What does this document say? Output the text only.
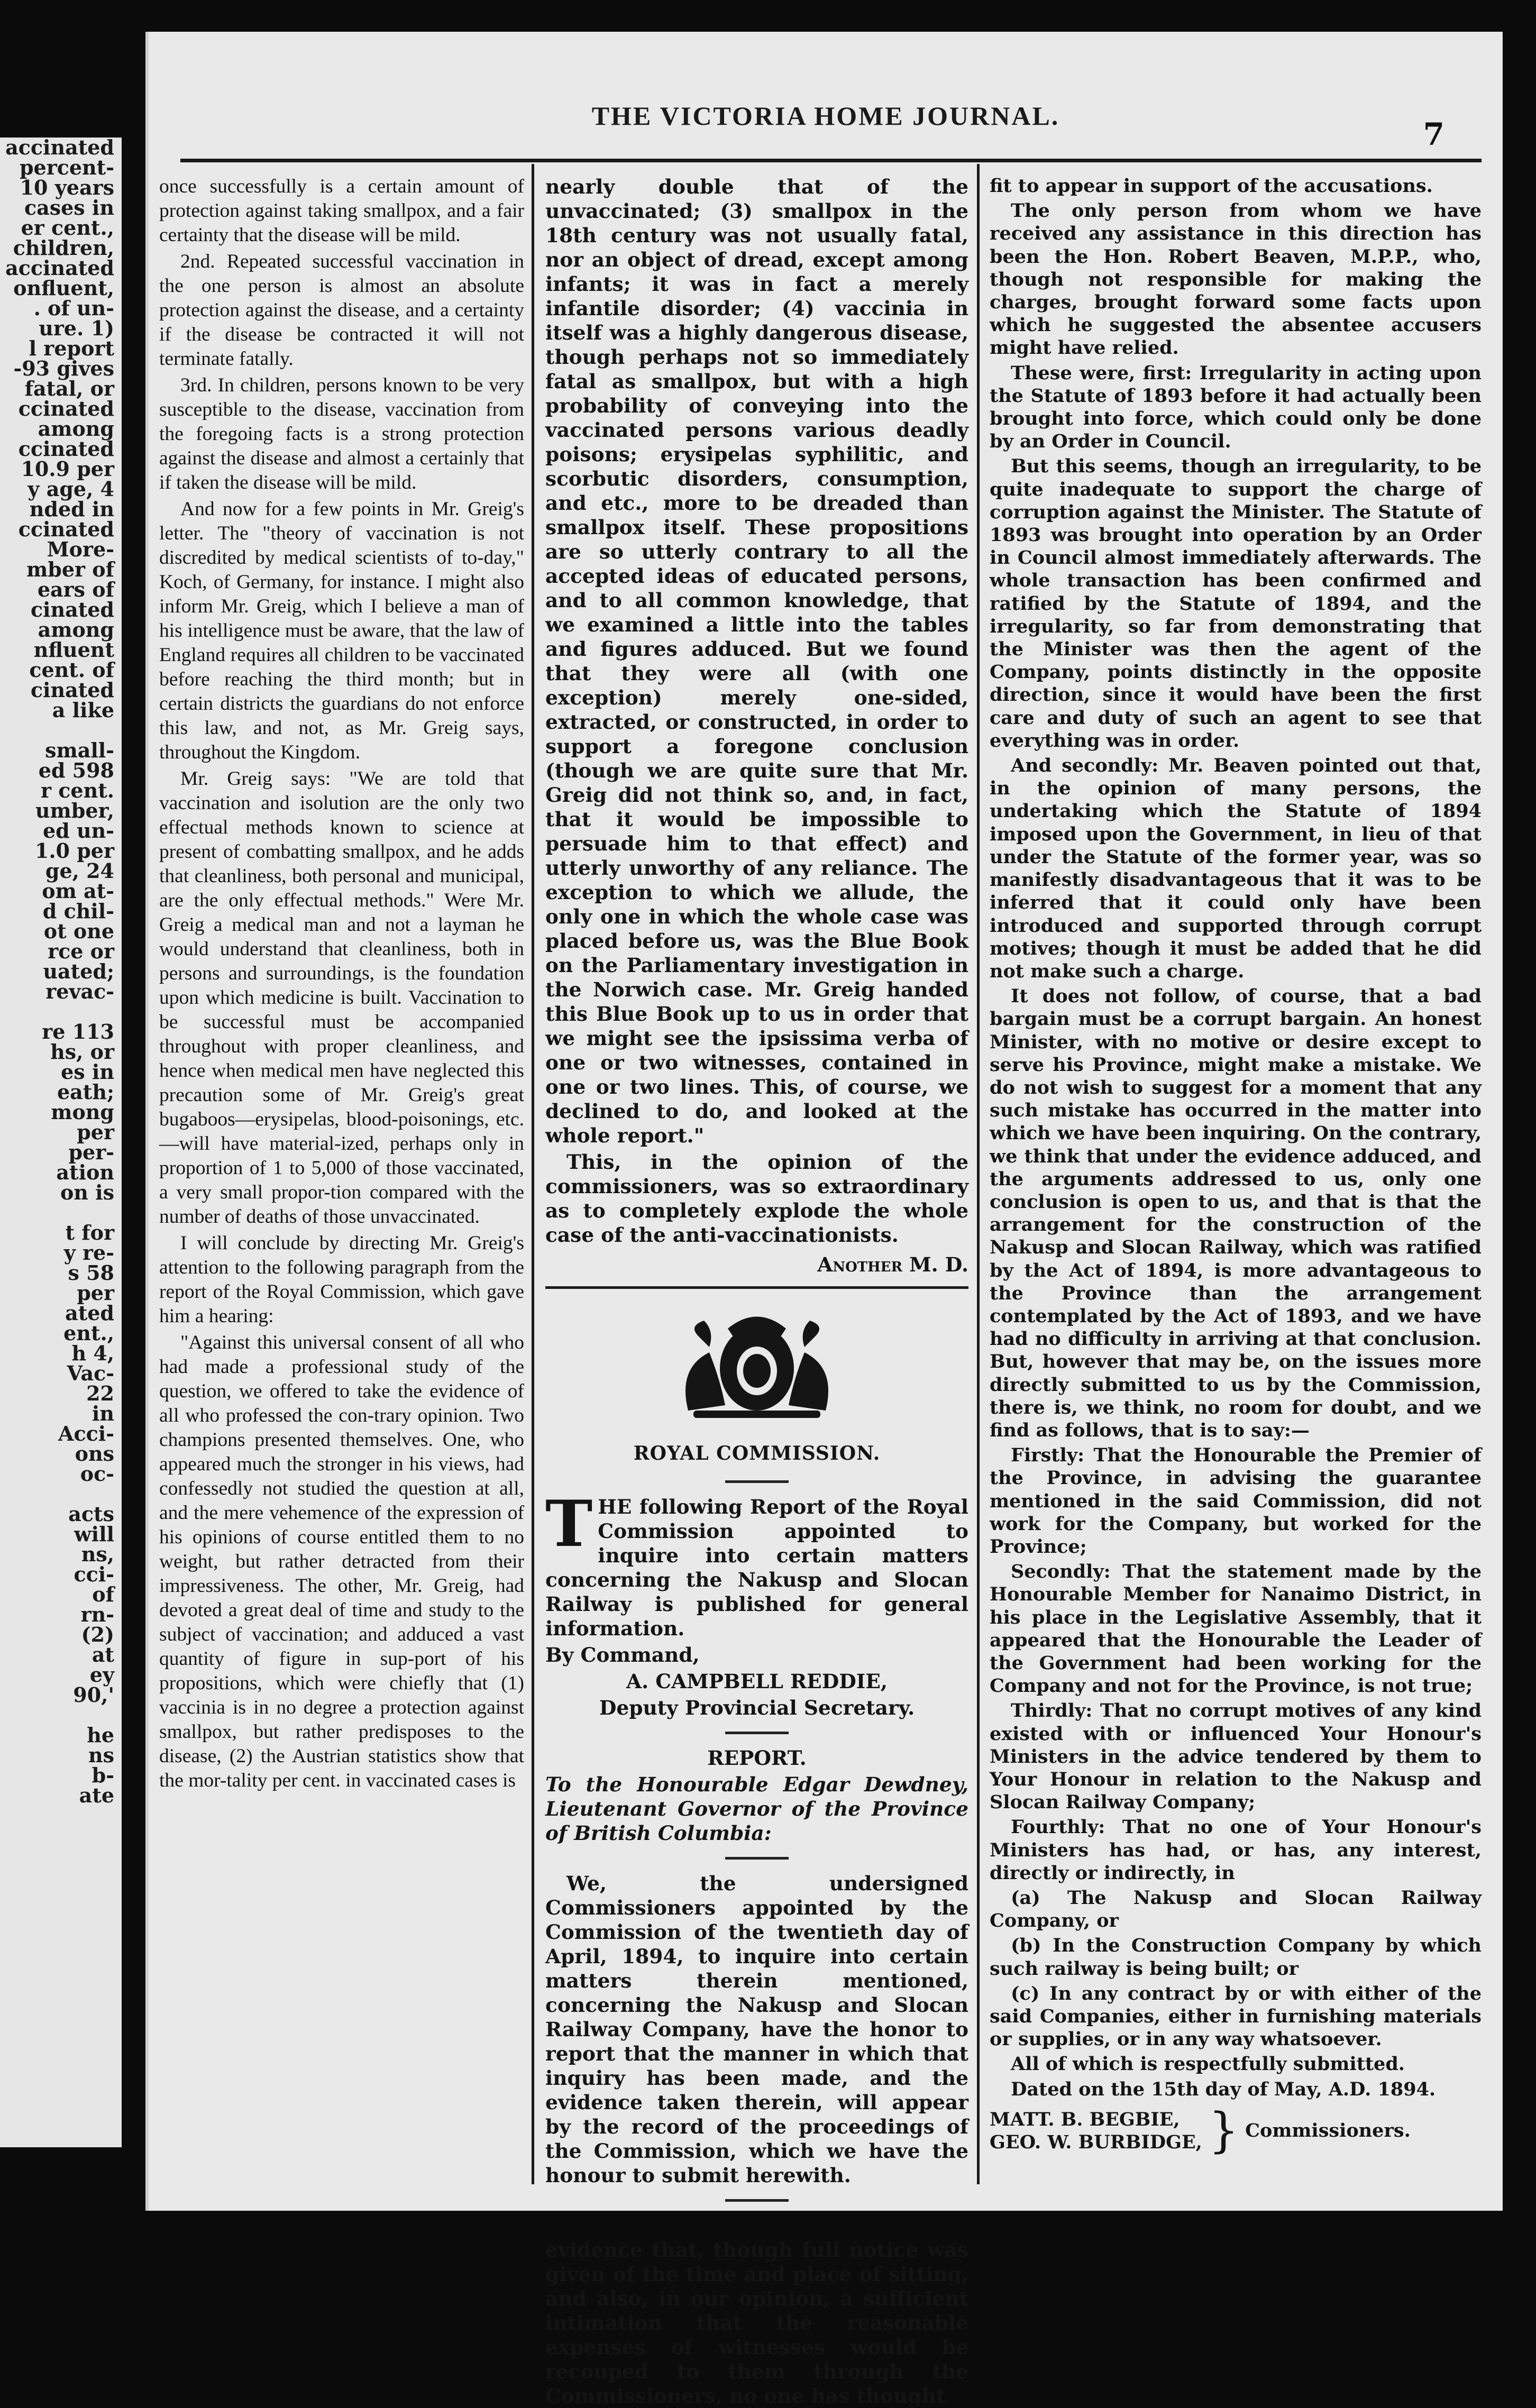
accinated

percent-

10 years

cases in

er cent.,

children,

accinated

onfluent,

. of un-

ure. 1)

l report

-93 gives

fatal, or

ccinated

among

ccinated

10.9 per

y age, 4

nded in

ccinated

More-

mber of

ears of

cinated

among

nfluent

cent. of

cinated

a like

small-

ed 598

r cent.

umber,

ed un-

1.0 per

ge, 24

om at-

d chil-

ot one

rce or

uated;

revac-

re 113

hs, or

es in

eath;

mong

per

per-

ation

on is

t for

y re-

s 58

per

ated

ent.,

h 4,

Vac-

22

in

Acci-

ons

oc-

acts

will

ns,

cci-

of

rn-

(2)

at

ey

90,'

he

ns

b-

ate

THE VICTORIA HOME JOURNAL.
7

once successfully is a certain amount of protection against taking smallpox, and a fair certainty that the disease will be mild.

2nd. Repeated successful vaccination in the one person is almost an absolute protection against the disease, and a certainty if the disease be contracted it will not terminate fatally.

3rd. In children, persons known to be very susceptible to the disease, vaccination from the foregoing facts is a strong protection against the disease and almost a certainly that if taken the disease will be mild.

And now for a few points in Mr. Greig's letter. The "theory of vaccination is not discredited by medical scientists of to-day," Koch, of Germany, for instance. I might also inform Mr. Greig, which I believe a man of his intelligence must be aware, that the law of England requires all children to be vaccinated before reaching the third month; but in certain districts the guardians do not enforce this law, and not, as Mr. Greig says, throughout the Kingdom.

Mr. Greig says: "We are told that vaccination and isolution are the only two effectual methods known to science at present of combatting smallpox, and he adds that cleanliness, both personal and municipal, are the only effectual methods." Were Mr. Greig a medical man and not a layman he would understand that cleanliness, both in persons and surroundings, is the foundation upon which medicine is built. Vaccination to be successful must be accompanied throughout with proper cleanliness, and hence when medical men have neglected this precaution some of Mr. Greig's great bugaboos—erysipelas, blood-poisonings, etc.—will have material-ized, perhaps only in proportion of 1 to 5,000 of those vaccinated, a very small propor-tion compared with the number of deaths of those unvaccinated.

I will conclude by directing Mr. Greig's attention to the following paragraph from the report of the Royal Commission, which gave him a hearing:

"Against this universal consent of all who had made a professional study of the question, we offered to take the evidence of all who professed the con-trary opinion. Two champions presented themselves. One, who appeared much the stronger in his views, had confessedly not studied the question at all, and the mere vehemence of the expression of his opinions of course entitled them to no weight, but rather detracted from their impressiveness. The other, Mr. Greig, had devoted a great deal of time and study to the subject of vaccination; and adduced a vast quantity of figure in sup-port of his propositions, which were chiefly that (1) vaccinia is in no degree a protection against smallpox, but rather predisposes to the disease, (2) the Austrian statistics show that the mor-tality per cent. in vaccinated cases is

nearly double that of the unvaccinated; (3) smallpox in the 18th century was not usually fatal, nor an object of dread, except among infants; it was in fact a merely infantile disorder; (4) vaccinia in itself was a highly dangerous disease, though perhaps not so immediately fatal as smallpox, but with a high probability of conveying into the vaccinated persons various deadly poisons; erysipelas syphilitic, and scorbutic disorders, consumption, and etc., more to be dreaded than smallpox itself. These propositions are so utterly contrary to all the accepted ideas of educated persons, and to all common knowledge, that we examined a little into the tables and figures adduced. But we found that they were all (with one exception) merely one-sided, extracted, or constructed, in order to support a foregone conclusion (though we are quite sure that Mr. Greig did not think so, and, in fact, that it would be impossible to persuade him to that effect) and utterly unworthy of any reliance. The exception to which we allude, the only one in which the whole case was placed before us, was the Blue Book on the Parliamentary investigation in the Norwich case. Mr. Greig handed this Blue Book up to us in order that we might see the ipsissima verba of one or two witnesses, contained in one or two lines. This, of course, we declined to do, and looked at the whole report."

This, in the opinion of the commissioners, was so extraordinary as to completely explode the whole case of the anti-vaccinationists.

Another M. D.

ROYAL COMMISSION.

THE following Report of the Royal Commission appointed to inquire into certain matters concerning the Nakusp and Slocan Railway is published for general information.

By Command,

A. CAMPBELL REDDIE,

Deputy Provincial Secretary.

REPORT.

To the Honourable Edgar Dewdney, Lieutenant Governor of the Province of British Columbia:

We, the undersigned Commissioners appointed by the Commission of the twentieth day of April, 1894, to inquire into certain matters therein mentioned, concerning the Nakusp and Slocan Railway Company, have the honor to report that the manner in which that inquiry has been made, and the evidence taken therein, will appear by the record of the proceedings of the Commission, which we have the honour to submit herewith.

evidence that, though full notice was given of the time and place of sitting, and also, in our opinion, a sufficient intimation that the reasonable expenses of witnesses would be recouped to them through the Commissioners, no one has thought

fit to appear in support of the accusations.

The only person from whom we have received any assistance in this direction has been the Hon. Robert Beaven, M.P.P., who, though not responsible for making the charges, brought forward some facts upon which he suggested the absentee accusers might have relied.

These were, first: Irregularity in acting upon the Statute of 1893 before it had actually been brought into force, which could only be done by an Order in Council.

But this seems, though an irregularity, to be quite inadequate to support the charge of corruption against the Minister. The Statute of 1893 was brought into operation by an Order in Council almost immediately afterwards. The whole transaction has been confirmed and ratified by the Statute of 1894, and the irregularity, so far from demonstrating that the Minister was then the agent of the Company, points distinctly in the opposite direction, since it would have been the first care and duty of such an agent to see that everything was in order.

And secondly: Mr. Beaven pointed out that, in the opinion of many persons, the undertaking which the Statute of 1894 imposed upon the Government, in lieu of that under the Statute of the former year, was so manifestly disadvantageous that it was to be inferred that it could only have been introduced and supported through corrupt motives; though it must be added that he did not make such a charge.

It does not follow, of course, that a bad bargain must be a corrupt bargain. An honest Minister, with no motive or desire except to serve his Province, might make a mistake. We do not wish to suggest for a moment that any such mistake has occurred in the matter into which we have been inquiring. On the contrary, we think that under the evidence adduced, and the arguments addressed to us, only one conclusion is open to us, and that is that the arrangement for the construction of the Nakusp and Slocan Railway, which was ratified by the Act of 1894, is more advantageous to the Province than the arrangement contemplated by the Act of 1893, and we have had no difficulty in arriving at that conclusion. But, however that may be, on the issues more directly submitted to us by the Commission, there is, we think, no room for doubt, and we find as follows, that is to say:—

Firstly: That the Honourable the Premier of the Province, in advising the guarantee mentioned in the said Commission, did not work for the Company, but worked for the Province;

Secondly: That the statement made by the Honourable Member for Nanaimo District, in his place in the Legislative Assembly, that it appeared that the Honourable the Leader of the Government had been working for the Company and not for the Province, is not true;

Thirdly: That no corrupt motives of any kind existed with or influenced Your Honour's Ministers in the advice tendered by them to Your Honour in relation to the Nakusp and Slocan Railway Company;

Fourthly: That no one of Your Honour's Ministers has had, or has, any interest, directly or indirectly, in

(a) The Nakusp and Slocan Railway Company, or

(b) In the Construction Company by which such railway is being built; or

(c) In any contract by or with either of the said Companies, either in furnishing materials or supplies, or in any way whatsoever.

All of which is respectfully submitted.

Dated on the 15th day of May, A.D. 1894.

MATT. B. BEGBIE,
GEO. W. BURBIDGE, } Commissioners.
